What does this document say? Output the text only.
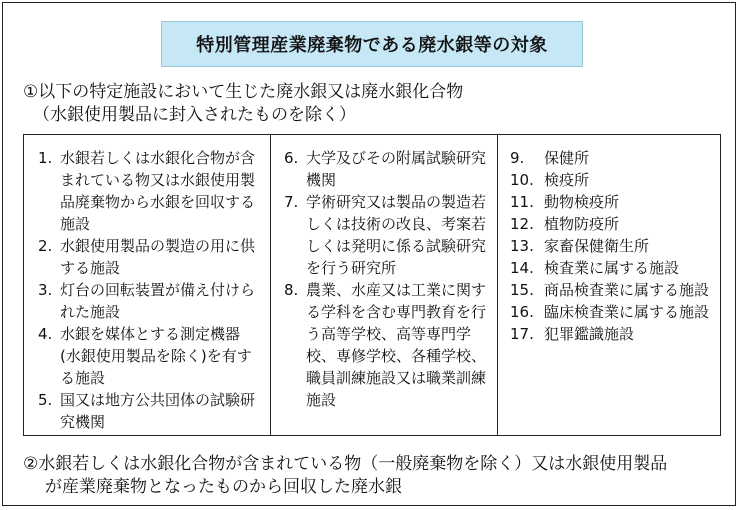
特別管理産業廃棄物である廃水銀等の対象
①以下の特定施設において生じた廃水銀又は廃水銀化合物
（水銀使用製品に封入されたものを除く）
1. 水銀若しくは水銀化合物が含まれている物又は水銀使用製品廃棄物から水銀を回収する施設
2. 水銀使用製品の製造の用に供する施設
3. 灯台の回転装置が備え付けられた施設
4. 水銀を媒体とする測定機器(水銀使用製品を除く)を有する施設
5. 国又は地方公共団体の試験研究機関
6. 大学及びその附属試験研究機関
7. 学術研究又は製品の製造若しくは技術の改良、考案若しくは発明に係る試験研究を行う研究所
8. 農業、水産又は工業に関する学科を含む専門教育を行う高等学校、高等専門学校、専修学校、各種学校、職員訓練施設又は職業訓練施設
9.	保健所
10. 検疫所
11. 動物検疫所
12. 植物防疫所
13. 家畜保健衛生所
14. 検査業に属する施設
15. 商品検査業に属する施設
16. 臨床検査業に属する施設
17. 犯罪鑑識施設
②水銀若しくは水銀化合物が含まれている物（一般廃棄物を除く）又は水銀使用製品
が産業廃棄物となったものから回収した廃水銀
